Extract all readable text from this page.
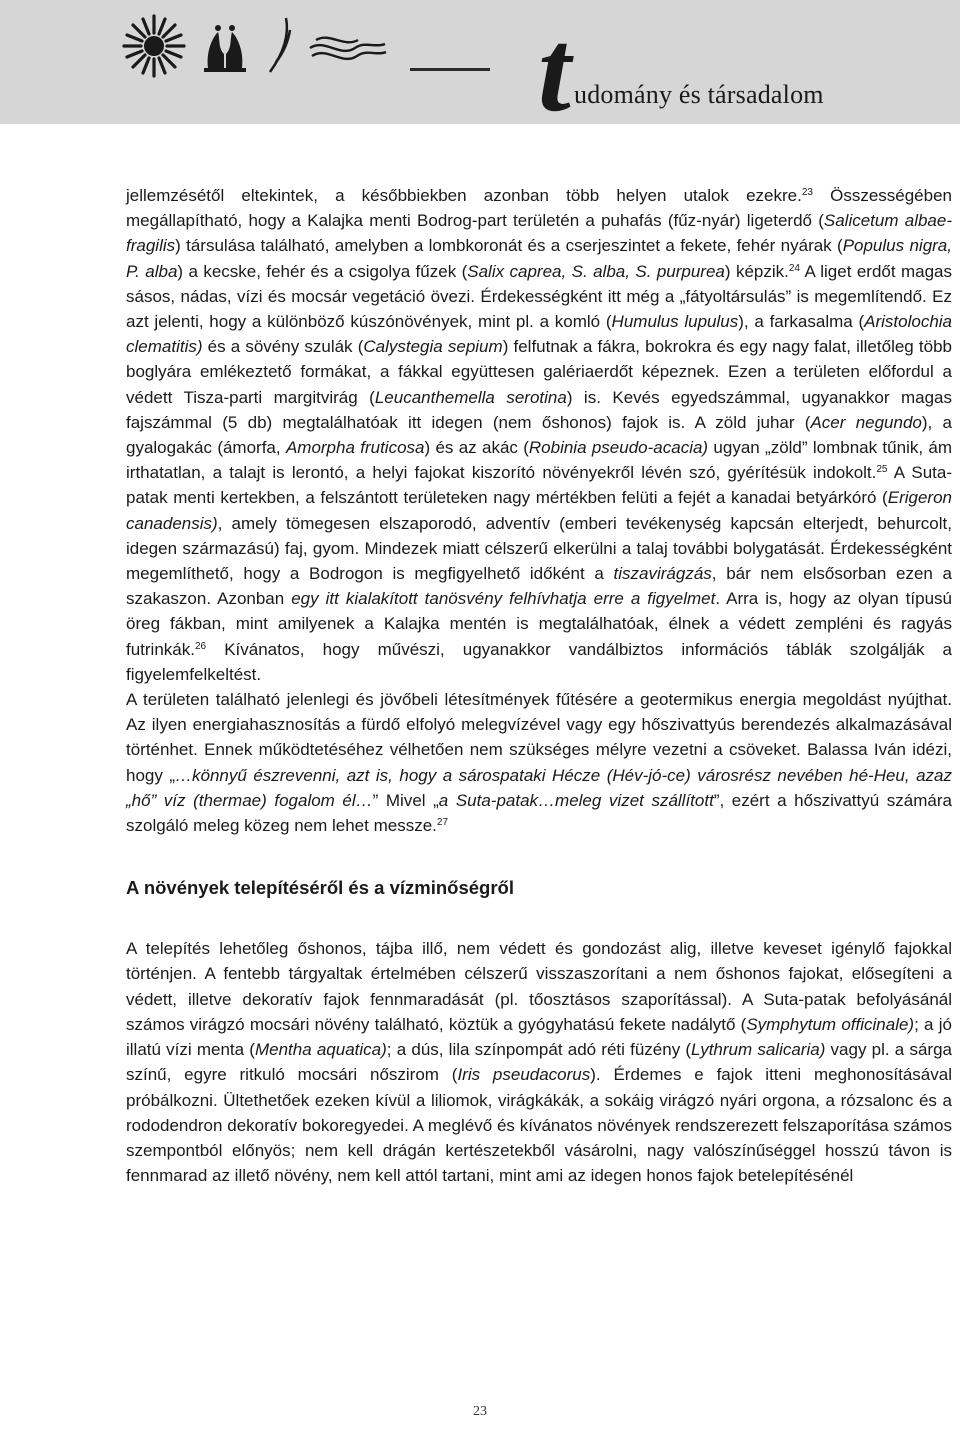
t udomány és társadalom

jellemzésétől eltekintek, a későbbiekben azonban több helyen utalok ezekre.$^{23}$ Összességében megállapítható, hogy a Kalajka menti Bodrog-part területén a puhafás (fűz-nyár) ligeterdő (Salicetum albae-fragilis) társulása található, amelyben a lombkoronát és a cserjeszintet a fekete, fehér nyárak (Populus nigra, P. alba) a kecske, fehér és a csigolya fűzek (Salix caprea, S. alba, S. purpurea) képzik.$^{24}$ A liget erdőt magas sásos, nádas, vízi és mocsár vegetáció övezi. Érdekességként itt még a „fátyoltársulás” is megemlítendő. Ez azt jelenti, hogy a különböző kúszónövények, mint pl. a komló (Humulus lupulus), a farkasalma (Aristolochia clematitis) és a sövény szulák (Calystegia sepium) felfutnak a fákra, bokrokra és egy nagy falat, illetőleg több boglyára emlékeztető formákat, a fákkal együttesen galériaerdőt képeznek. Ezen a területen előfordul a védett Tisza-parti margitvirág (Leucanthemella serotina) is. Kevés egyedszámmal, ugyanakkor magas fajszámmal (5 db) megtalálhatóak itt idegen (nem őshonos) fajok is. A zöld juhar (Acer negundo), a gyalogakác (ámorfa, Amorpha fruticosa) és az akác (Robinia pseudo-acacia) ugyan „zöld” lombnak tűnik, ám irthatatlan, a talajt is lerontó, a helyi fajokat kiszorító növényekről lévén szó, gyérítésük indokolt.$^{25}$ A Suta-patak menti kertekben, a felszántott területeken nagy mértékben felüti a fejét a kanadai betyárkóró (Erigeron canadensis), amely tömegesen elszaporodó, adventív (emberi tevékenység kapcsán elterjedt, behurcolt, idegen származású) faj, gyom. Mindezek miatt célszerű elkerülni a talaj további bolygatását. Érdekességként megemlíthető, hogy a Bodrogon is megfigyelhető időként a tiszavirágzás, bár nem elsősorban ezen a szakaszon. Azonban egy itt kialakított tanösvény felhívhatja erre a figyelmet. Arra is, hogy az olyan típusú öreg fákban, mint amilyenek a Kalajka mentén is megtalálhatóak, élnek a védett zempléni és ragyás futrinkák.$^{26}$ Kívánatos, hogy művészi, ugyanakkor vandálbiztos információs táblák szolgálják a figyelemfelkeltést.

A területen található jelenlegi és jövőbeli létesítmények fűtésére a geotermikus energia megoldást nyújthat. Az ilyen energiahasznosítás a fürdő elfolyó melegvízével vagy egy hőszivattyús berendezés alkalmazásával történhet. Ennek működtetéséhez vélhetően nem szükséges mélyre vezetni a csöveket. Balassa Iván idézi, hogy „…könnyű észrevenni, azt is, hogy a sárospataki Hécze (Hév-jó-ce) városrész nevében hé-Heu, azaz „hő” víz (thermae) fogalom él…” Mivel „a Suta-patak…meleg vizet szállított”, ezért a hőszivattyú számára szolgáló meleg közeg nem lehet messze.$^{27}$

A növények telepítéséről és a vízminőségről

A telepítés lehetőleg őshonos, tájba illő, nem védett és gondozást alig, illetve keveset igénylő fajokkal történjen. A fentebb tárgyaltak értelmében célszerű visszaszorítani a nem őshonos fajokat, elősegíteni a védett, illetve dekoratív fajok fennmaradását (pl. tőosztásos szaporítással). A Suta-patak befolyásánál számos virágzó mocsári növény található, köztük a gyógyhatású fekete nadálytő (Symphytum officinale); a jó illatú vízi menta (Mentha aquatica); a dús, lila színpompát adó réti füzény (Lythrum salicaria) vagy pl. a sárga színű, egyre ritkuló mocsári nőszirom (Iris pseudacorus). Érdemes e fajok itteni meghonosításával próbálkozni. Ültethetőek ezeken kívül a liliomok, virágkákák, a sokáig virágzó nyári orgona, a rózsalonc és a rododendron dekoratív bokoregyedei. A meglévő és kívánatos növények rendszerezett felszaporítása számos szempontból előnyös; nem kell drágán kertészetekből vásárolni, nagy valószínűséggel hosszú távon is fennmarad az illető növény, nem kell attól tartani, mint ami az idegen honos fajok betelepítésénél

23
